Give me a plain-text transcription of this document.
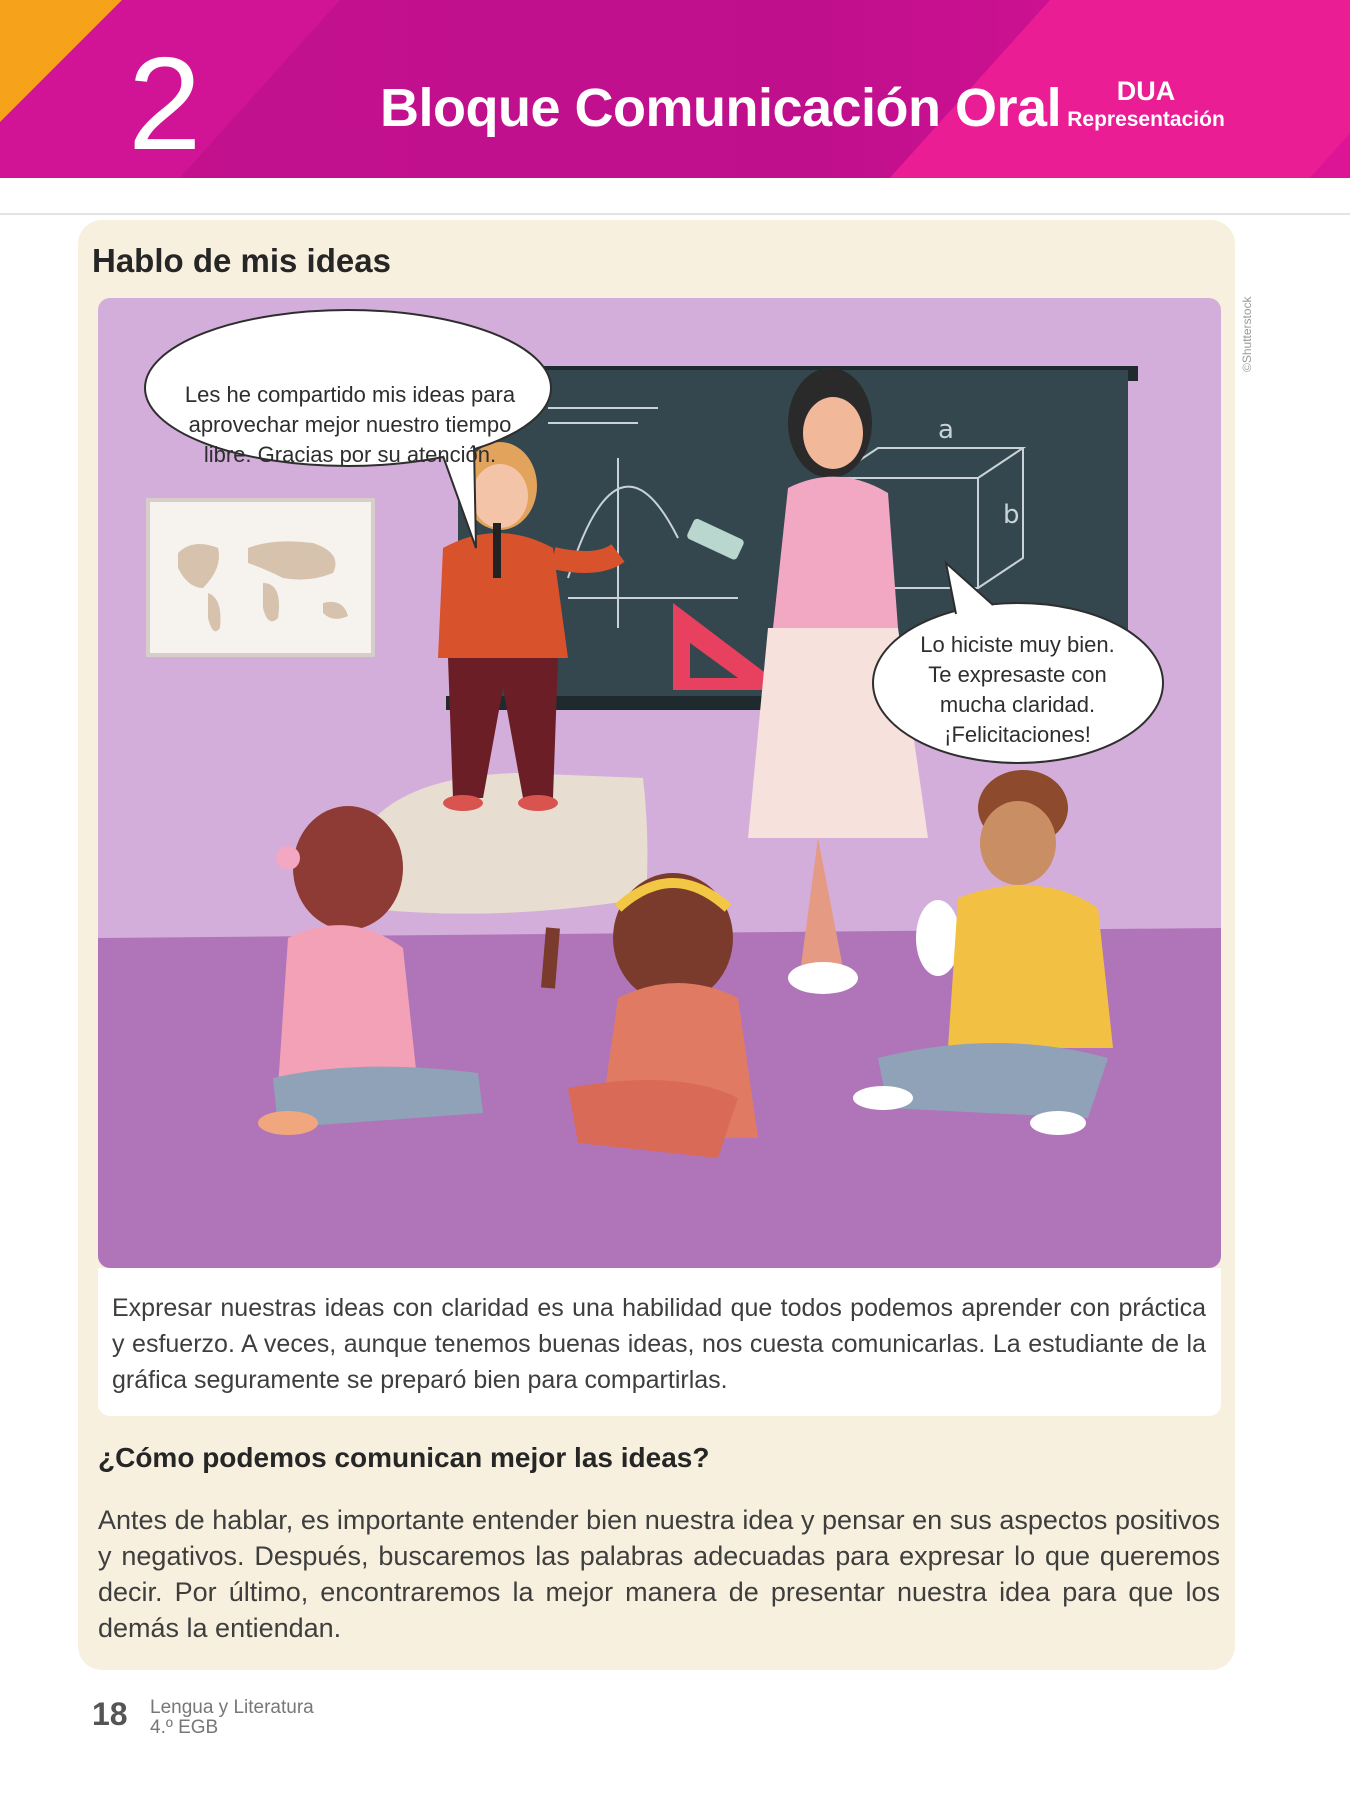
2	Bloque Comunicación Oral	DUA
Representación
Hablo de mis ideas
©Shutterstock
a
b
Les he compartido mis ideas para aprovechar mejor nuestro tiempo libre. Gracias por su atención.
Lo hiciste muy bien. Te expresaste con mucha claridad. ¡Felicitaciones!
Expresar nuestras ideas con claridad es una habilidad que todos podemos aprender con práctica y esfuerzo. A veces, aunque tenemos buenas ideas, nos cuesta comunicarlas. La estudiante de la gráfica seguramente se preparó bien para compartirlas.
¿Cómo podemos comunican mejor las ideas?
Antes de hablar, es importante entender bien nuestra idea y pensar en sus aspectos positivos y negativos. Después, buscaremos las palabras adecuadas para expresar lo que queremos decir. Por último, encontraremos la mejor manera de presentar nuestra idea para que los demás la entiendan.
18 Lengua y Literatura
4.º EGB
